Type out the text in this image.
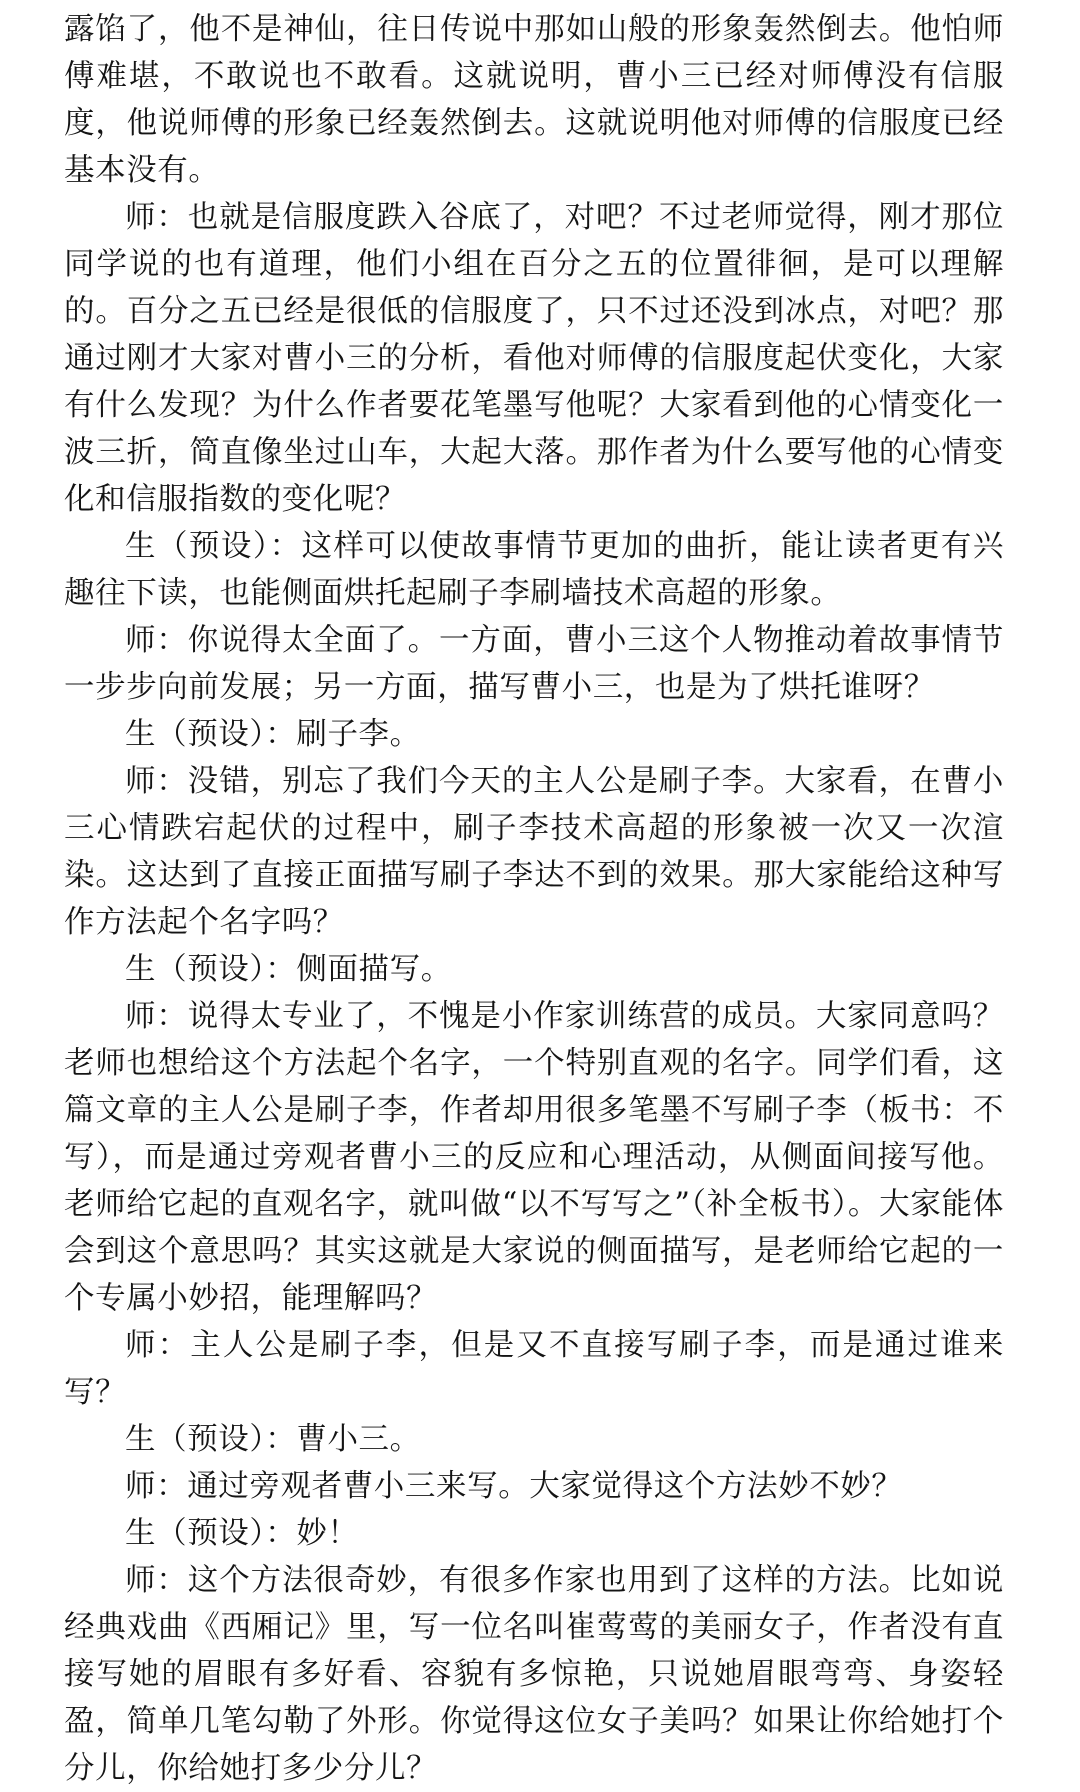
露馅了，他不是神仙，往日传说中那如山般的形象轰然倒去。他怕师傅难堪，不敢说也不敢看。这就说明，曹小三已经对师傅没有信服度，他说师傅的形象已经轰然倒去。这就说明他对师傅的信服度已经基本没有。

师：也就是信服度跌入谷底了，对吧？不过老师觉得，刚才那位同学说的也有道理，他们小组在百分之五的位置徘徊，是可以理解的。百分之五已经是很低的信服度了，只不过还没到冰点，对吧？那通过刚才大家对曹小三的分析，看他对师傅的信服度起伏变化，大家有什么发现？为什么作者要花笔墨写他呢？大家看到他的心情变化一波三折，简直像坐过山车，大起大落。那作者为什么要写他的心情变化和信服指数的变化呢？

生（预设）：这样可以使故事情节更加的曲折，能让读者更有兴趣往下读，也能侧面烘托起刷子李刷墙技术高超的形象。

师：你说得太全面了。一方面，曹小三这个人物推动着故事情节一步步向前发展；另一方面，描写曹小三，也是为了烘托谁呀？

生（预设）：刷子李。

师：没错，别忘了我们今天的主人公是刷子李。大家看，在曹小三心情跌宕起伏的过程中，刷子李技术高超的形象被一次又一次渲染。这达到了直接正面描写刷子李达不到的效果。那大家能给这种写作方法起个名字吗？

生（预设）：侧面描写。

师：说得太专业了，不愧是小作家训练营的成员。大家同意吗？老师也想给这个方法起个名字，一个特别直观的名字。同学们看，这篇文章的主人公是刷子李，作者却用很多笔墨不写刷子李（板书：不写），而是通过旁观者曹小三的反应和心理活动，从侧面间接写他。老师给它起的直观名字，就叫做“以不写写之”（补全板书）。大家能体会到这个意思吗？其实这就是大家说的侧面描写，是老师给它起的一个专属小妙招，能理解吗？

师：主人公是刷子李，但是又不直接写刷子李，而是通过谁来写？

生（预设）：曹小三。

师：通过旁观者曹小三来写。大家觉得这个方法妙不妙？

生（预设）：妙！

师：这个方法很奇妙，有很多作家也用到了这样的方法。比如说经典戏曲《西厢记》里，写一位名叫崔莺莺的美丽女子，作者没有直接写她的眉眼有多好看、容貌有多惊艳，只说她眉眼弯弯、身姿轻盈，简单几笔勾勒了外形。你觉得这位女子美吗？如果让你给她打个分儿，你给她打多少分儿？
